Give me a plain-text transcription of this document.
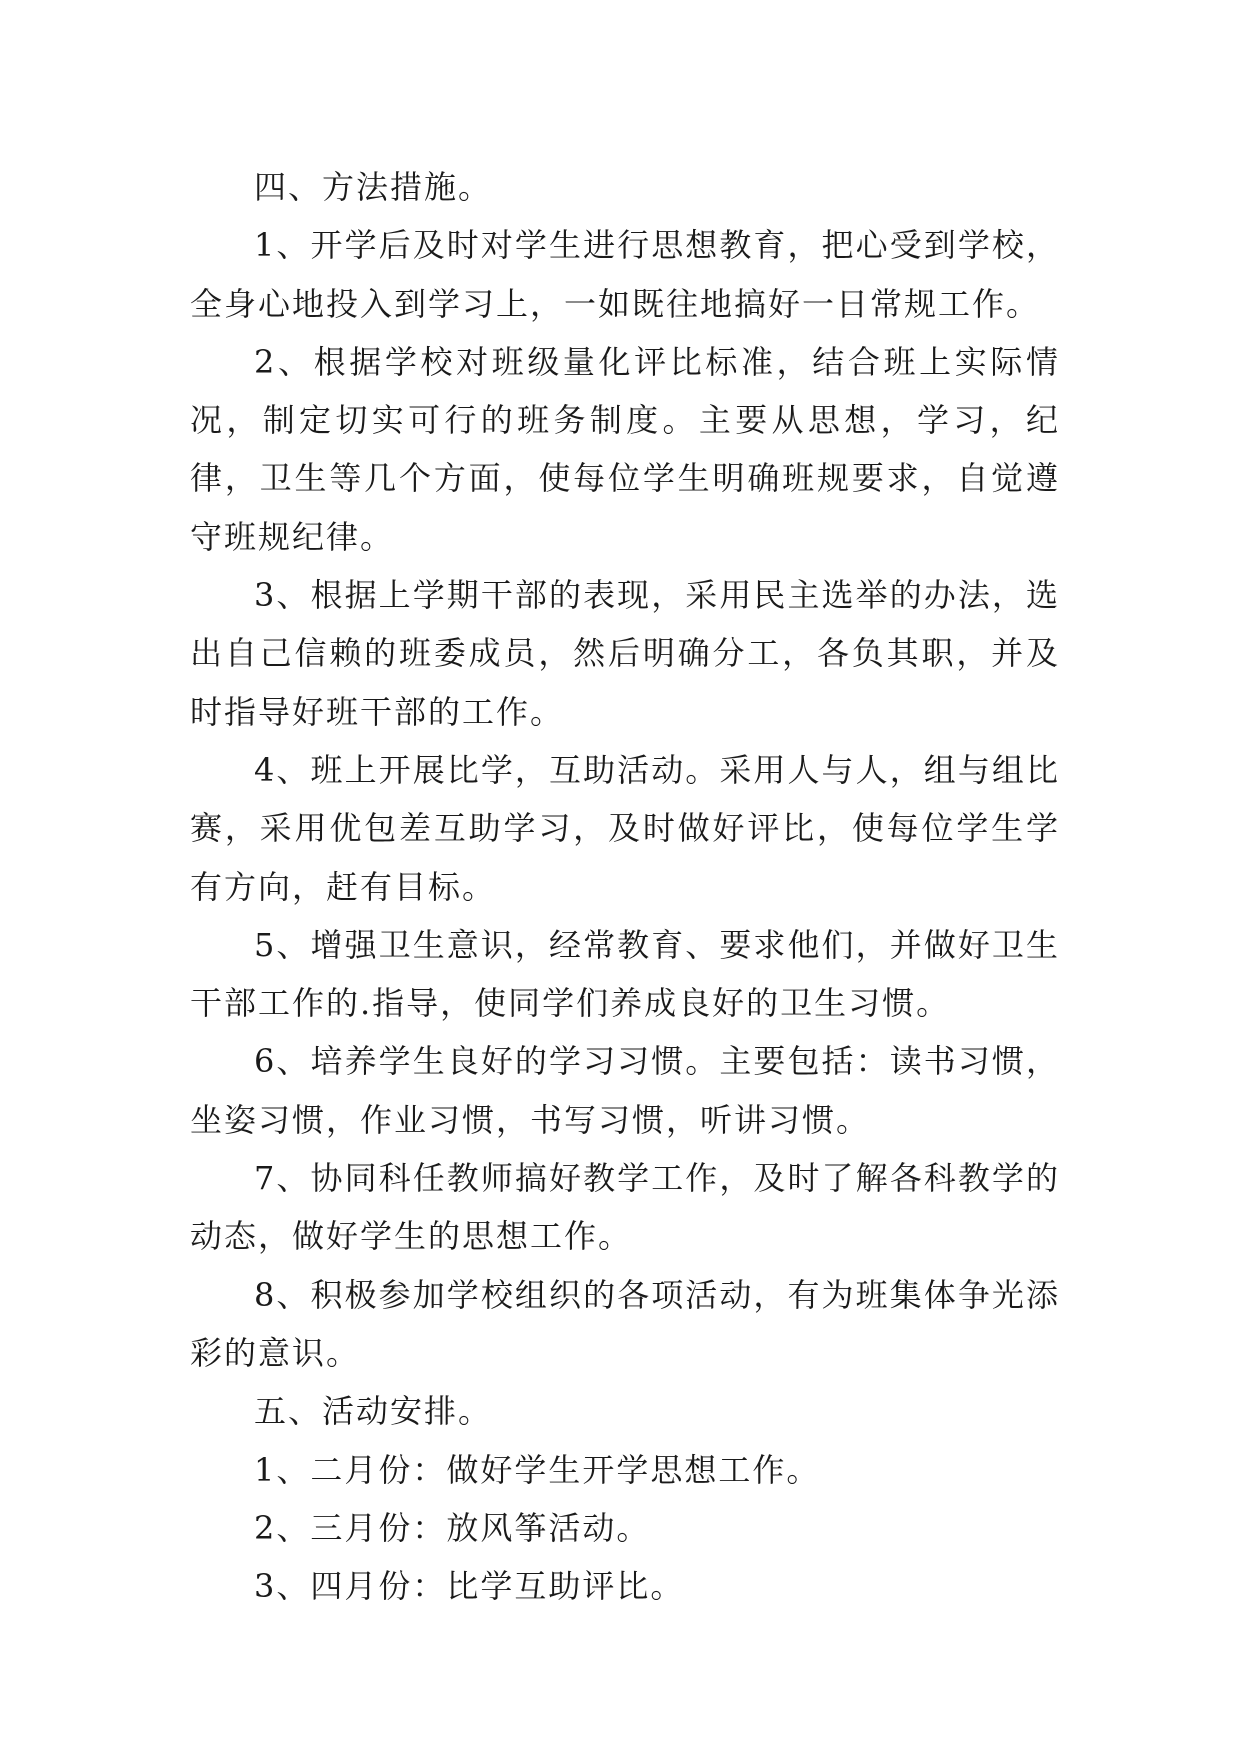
四、方法措施。

1、开学后及时对学生进行思想教育，把心受到学校，全身心地投入到学习上，一如既往地搞好一日常规工作。

2、根据学校对班级量化评比标准，结合班上实际情况，制定切实可行的班务制度。主要从思想，学习，纪律，卫生等几个方面，使每位学生明确班规要求，自觉遵守班规纪律。

3、根据上学期干部的表现，采用民主选举的办法，选出自己信赖的班委成员，然后明确分工，各负其职，并及时指导好班干部的工作。

4、班上开展比学，互助活动。采用人与人，组与组比赛，采用优包差互助学习，及时做好评比，使每位学生学有方向，赶有目标。

5、增强卫生意识，经常教育、要求他们，并做好卫生干部工作的.指导，使同学们养成良好的卫生习惯。

6、培养学生良好的学习习惯。主要包括：读书习惯，坐姿习惯，作业习惯，书写习惯，听讲习惯。

7、协同科任教师搞好教学工作，及时了解各科教学的动态，做好学生的思想工作。

8、积极参加学校组织的各项活动，有为班集体争光添彩的意识。

五、活动安排。

1、二月份：做好学生开学思想工作。

2、三月份：放风筝活动。

3、四月份：比学互助评比。
